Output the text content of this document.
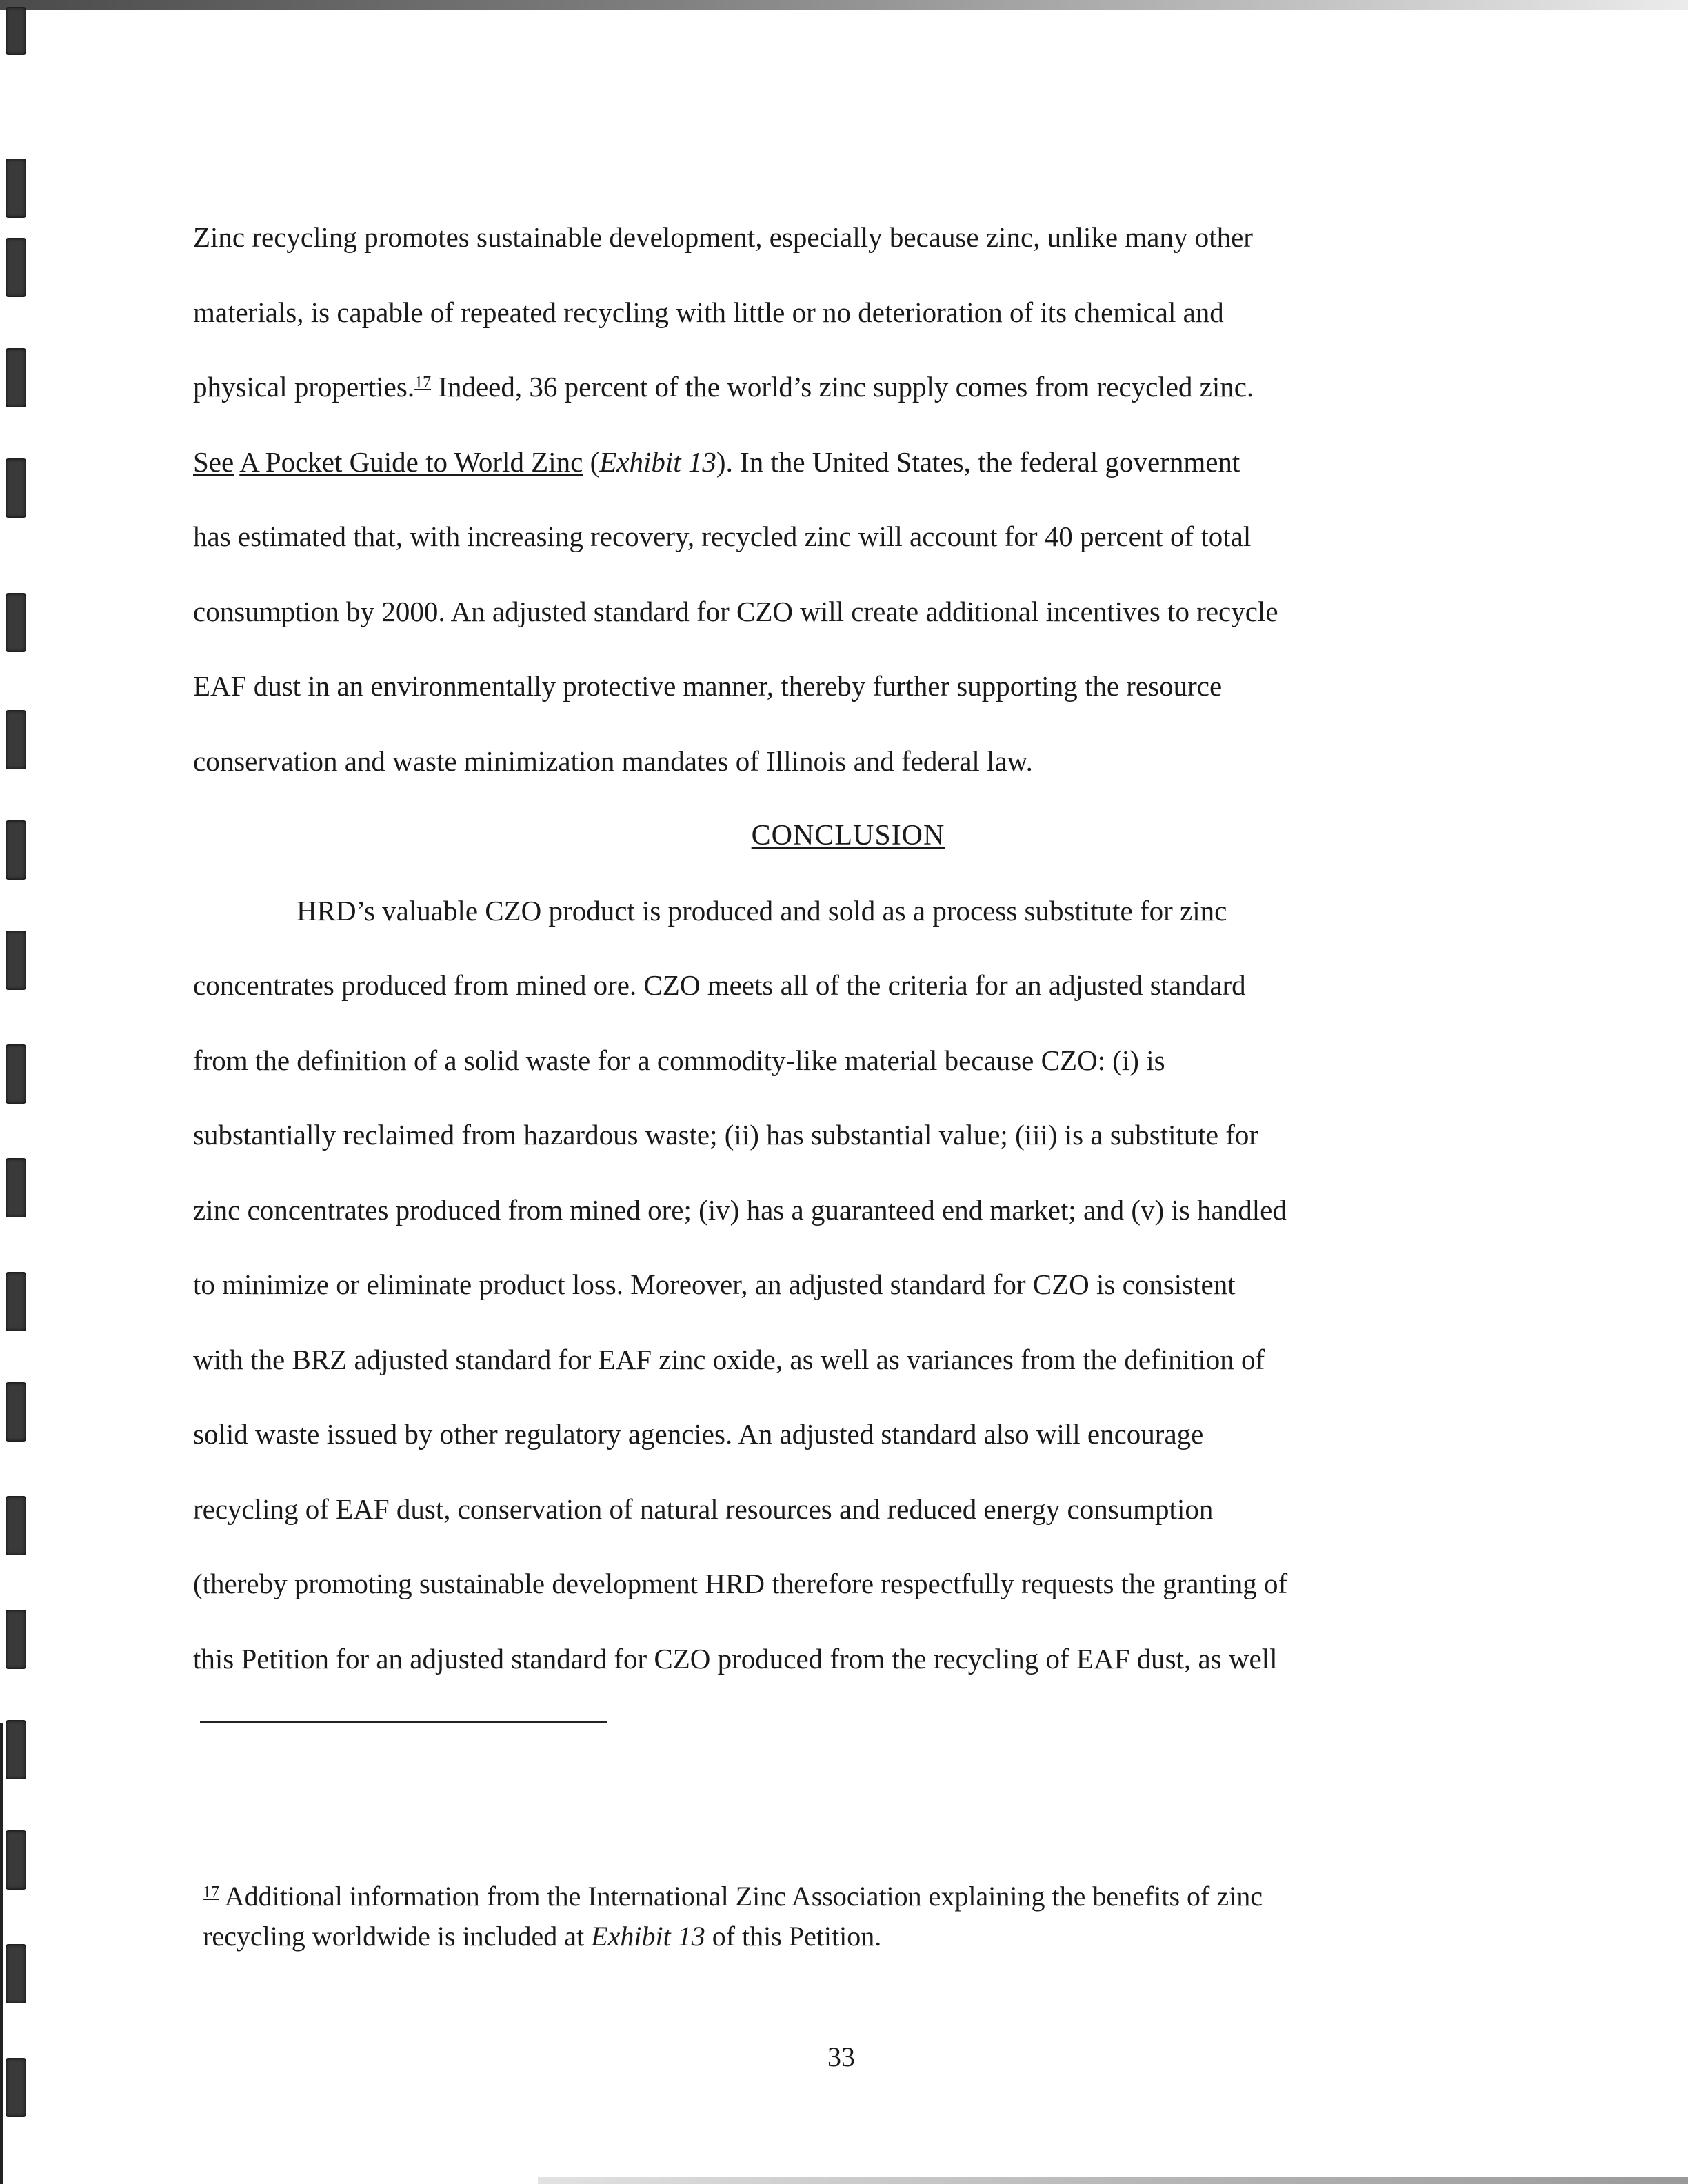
Zinc recycling promotes sustainable development, especially because zinc, unlike many other

materials, is capable of repeated recycling with little or no deterioration of its chemical and

physical properties.$^{17}$ Indeed, 36 percent of the world’s zinc supply comes from recycled zinc.

See A Pocket Guide to World Zinc (Exhibit 13). In the United States, the federal government

has estimated that, with increasing recovery, recycled zinc will account for 40 percent of total

consumption by 2000. An adjusted standard for CZO will create additional incentives to recycle

EAF dust in an environmentally protective manner, thereby further supporting the resource

conservation and waste minimization mandates of Illinois and federal law.

CONCLUSION

HRD’s valuable CZO product is produced and sold as a process substitute for zinc

concentrates produced from mined ore. CZO meets all of the criteria for an adjusted standard

from the definition of a solid waste for a commodity-like material because CZO: (i) is

substantially reclaimed from hazardous waste; (ii) has substantial value; (iii) is a substitute for

zinc concentrates produced from mined ore; (iv) has a guaranteed end market; and (v) is handled

to minimize or eliminate product loss. Moreover, an adjusted standard for CZO is consistent

with the BRZ adjusted standard for EAF zinc oxide, as well as variances from the definition of

solid waste issued by other regulatory agencies. An adjusted standard also will encourage

recycling of EAF dust, conservation of natural resources and reduced energy consumption

(thereby promoting sustainable development HRD therefore respectfully requests the granting of

this Petition for an adjusted standard for CZO produced from the recycling of EAF dust, as well

$^{17}$ Additional information from the International Zinc Association explaining the benefits of zinc
recycling worldwide is included at Exhibit 13 of this Petition.
33
